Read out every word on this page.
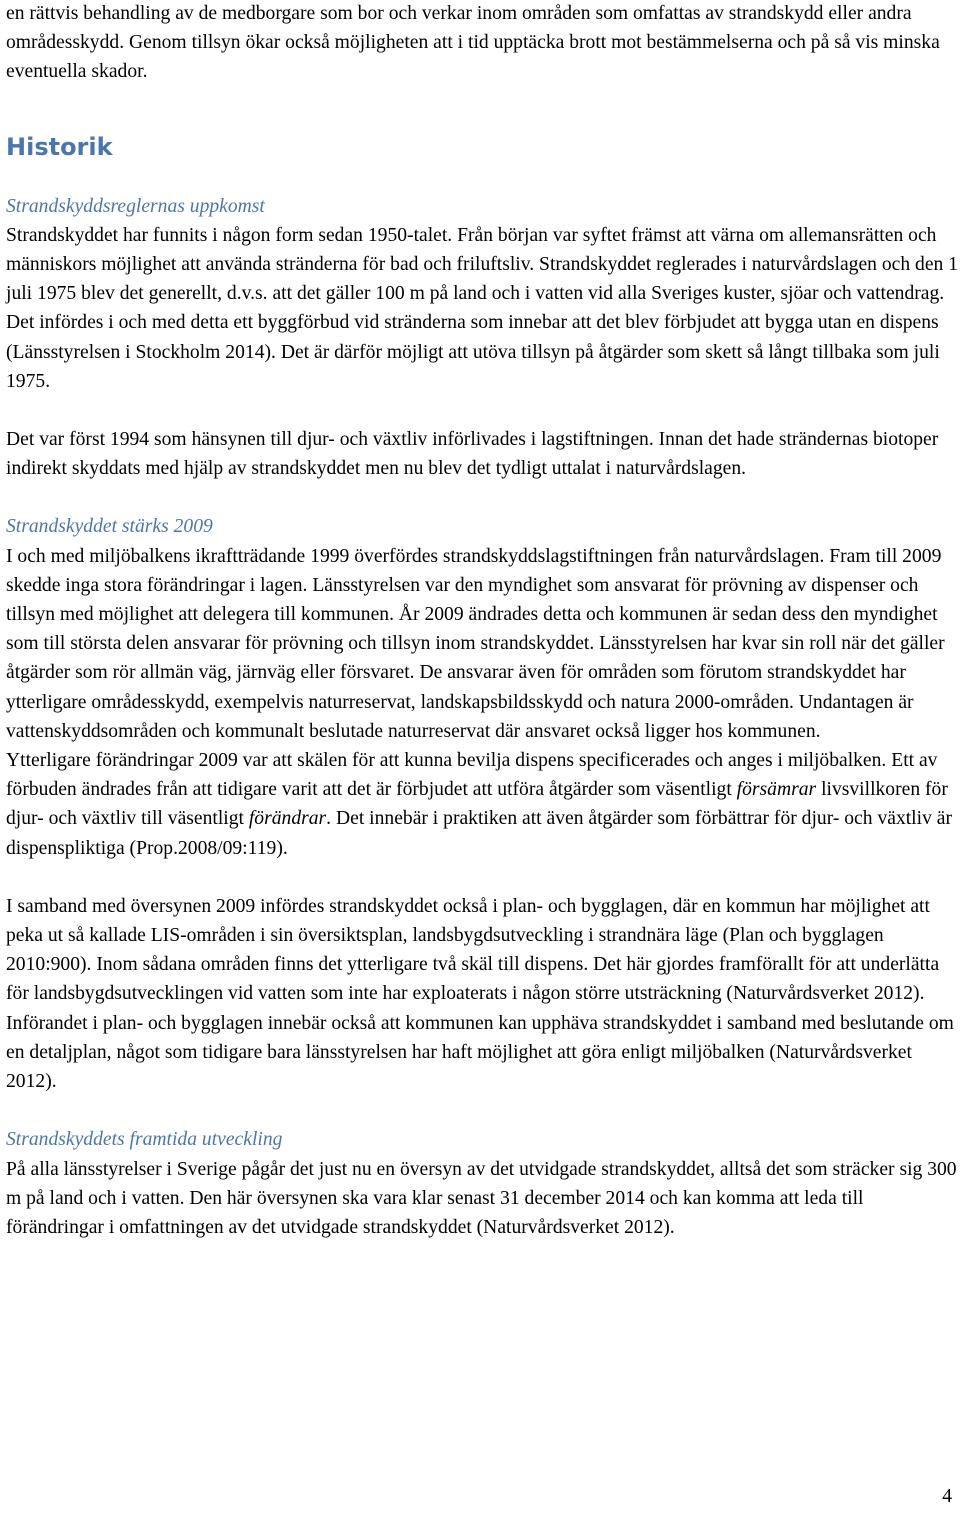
en rättvis behandling av de medborgare som bor och verkar inom områden som omfattas av strandskydd eller andra områdesskydd. Genom tillsyn ökar också möjligheten att i tid upptäcka brott mot bestämmelserna och på så vis minska eventuella skador.

Historik
Strandskyddsreglernas uppkomst

Strandskyddet har funnits i någon form sedan 1950-talet. Från början var syftet främst att värna om allemansrätten och människors möjlighet att använda stränderna för bad och friluftsliv. Strandskyddet reglerades i naturvårdslagen och den 1 juli 1975 blev det generellt, d.v.s. att det gäller 100 m på land och i vatten vid alla Sveriges kuster, sjöar och vattendrag. Det infördes i och med detta ett byggförbud vid stränderna som innebar att det blev förbjudet att bygga utan en dispens (Länsstyrelsen i Stockholm 2014). Det är därför möjligt att utöva tillsyn på åtgärder som skett så långt tillbaka som juli 1975.

Det var först 1994 som hänsynen till djur- och växtliv införlivades i lagstiftningen. Innan det hade strändernas biotoper indirekt skyddats med hjälp av strandskyddet men nu blev det tydligt uttalat i naturvårdslagen.

Strandskyddet stärks 2009

I och med miljöbalkens ikraftträdande 1999 överfördes strandskyddslagstiftningen från naturvårdslagen. Fram till 2009 skedde inga stora förändringar i lagen. Länsstyrelsen var den myndighet som ansvarat för prövning av dispenser och tillsyn med möjlighet att delegera till kommunen. År 2009 ändrades detta och kommunen är sedan dess den myndighet som till största delen ansvarar för prövning och tillsyn inom strandskyddet. Länsstyrelsen har kvar sin roll när det gäller åtgärder som rör allmän väg, järnväg eller försvaret. De ansvarar även för områden som förutom strandskyddet har ytterligare områdesskydd, exempelvis naturreservat, landskapsbildsskydd och natura 2000-områden. Undantagen är vattenskyddsområden och kommunalt beslutade naturreservat där ansvaret också ligger hos kommunen.

Ytterligare förändringar 2009 var att skälen för att kunna bevilja dispens specificerades och anges i miljöbalken. Ett av förbuden ändrades från att tidigare varit att det är förbjudet att utföra åtgärder som väsentligt försämrar livsvillkoren för djur- och växtliv till väsentligt förändrar. Det innebär i praktiken att även åtgärder som förbättrar för djur- och växtliv är dispenspliktiga (Prop.2008/09:119).

I samband med översynen 2009 infördes strandskyddet också i plan- och bygglagen, där en kommun har möjlighet att peka ut så kallade LIS-områden i sin översiktsplan, landsbygdsutveckling i strandnära läge (Plan och bygglagen 2010:900). Inom sådana områden finns det ytterligare två skäl till dispens. Det här gjordes framförallt för att underlätta för landsbygdsutvecklingen vid vatten som inte har exploaterats i någon större utsträckning (Naturvårdsverket 2012). Införandet i plan- och bygglagen innebär också att kommunen kan upphäva strandskyddet i samband med beslutande om en detaljplan, något som tidigare bara länsstyrelsen har haft möjlighet att göra enligt miljöbalken (Naturvårdsverket 2012).

Strandskyddets framtida utveckling

På alla länsstyrelser i Sverige pågår det just nu en översyn av det utvidgade strandskyddet, alltså det som sträcker sig 300 m på land och i vatten. Den här översynen ska vara klar senast 31 december 2014 och kan komma att leda till förändringar i omfattningen av det utvidgade strandskyddet (Naturvårdsverket 2012).

4
